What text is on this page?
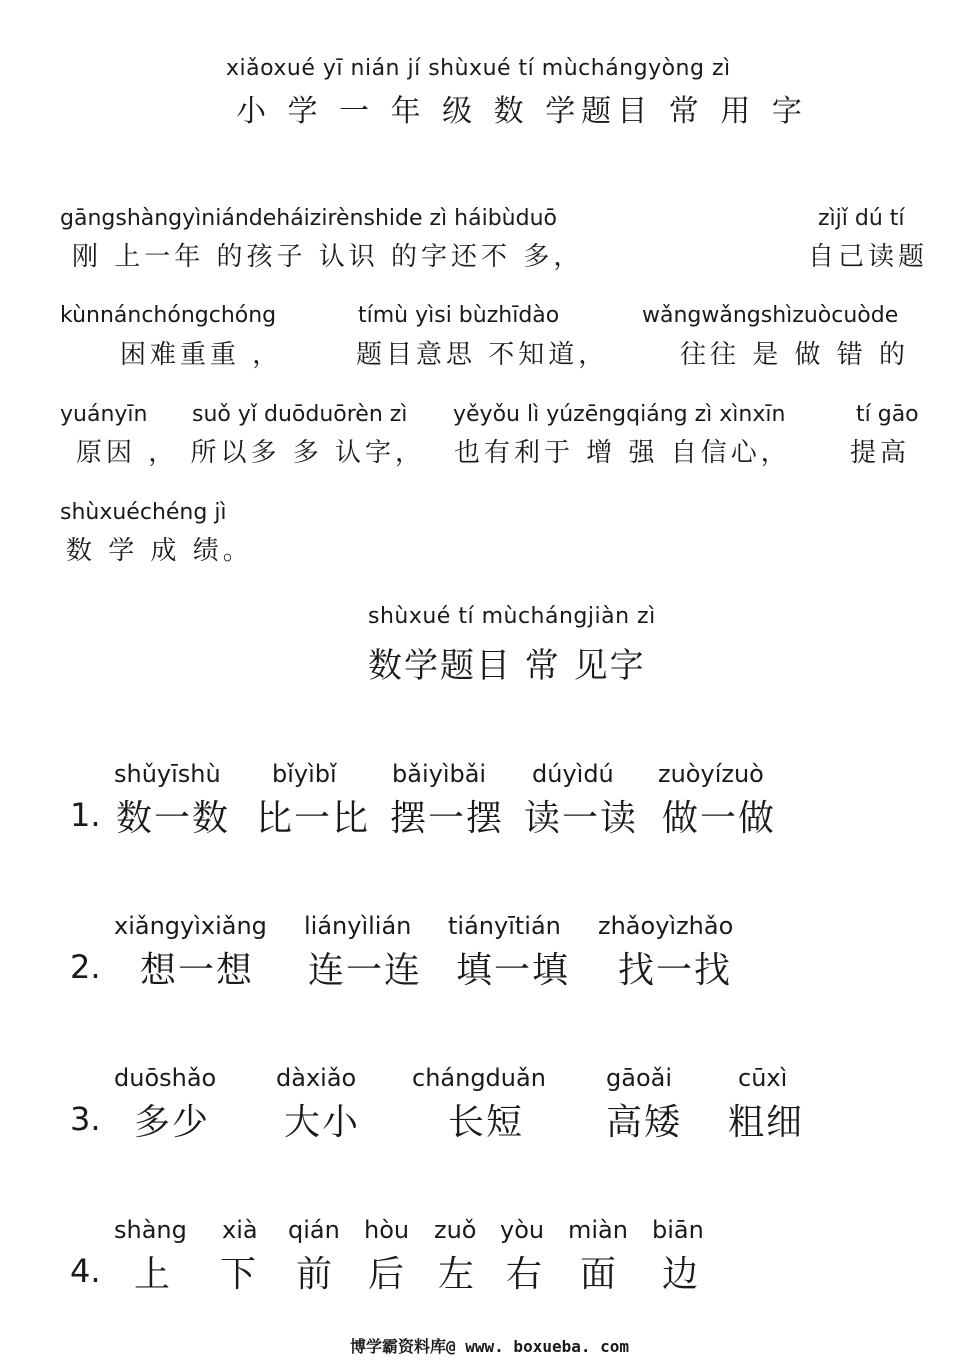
xiǎoxué yī nián jí shùxué tí mùchángyòng zì
小 学 一 年 级 数 学题目 常 用 字
gāngshàngyìniándeháizirènshide zì háibùduō	zìjǐ dú tí
刚 上一年 的孩子 认识 的字还不 多，	自己读题
kùnnánchóngchóng	tímù yìsi bùzhīdào	wǎngwǎngshìzuòcuòde
困难重重 ，	题目意思 不知道，	往往 是 做 错 的
yuányīn suǒ yǐ duōduōrèn zì yěyǒu lì yúzēngqiáng zì xìnxīn	tí gāo
原因 ， 所以多 多 认字， 也有利于 增 强 自信心， 提高
shùxuéchéng jì
数 学 成 绩。
shùxué tí mùchángjiàn zì
数学题目 常 见字
1.
shǔyīshù
数一数
bǐyìbǐ
比一比
bǎiyìbǎi
摆一摆
dúyìdú
读一读
zuòyízuò
做一做
2.
xiǎngyìxiǎng
想一想
liányìlián
连一连
tiányītián
填一填
zhǎoyìzhǎo
找一找
3.
duōshǎo
多少
dàxiǎo
大小
chángduǎn
长短
gāoǎi
高矮
cūxì
粗细
4.
shàng
上
xià
下
qián
前
hòu
后
zuǒ
左
yòu
右
miàn
面
biān
边
博学霸资料库@ www. boxueba. com
